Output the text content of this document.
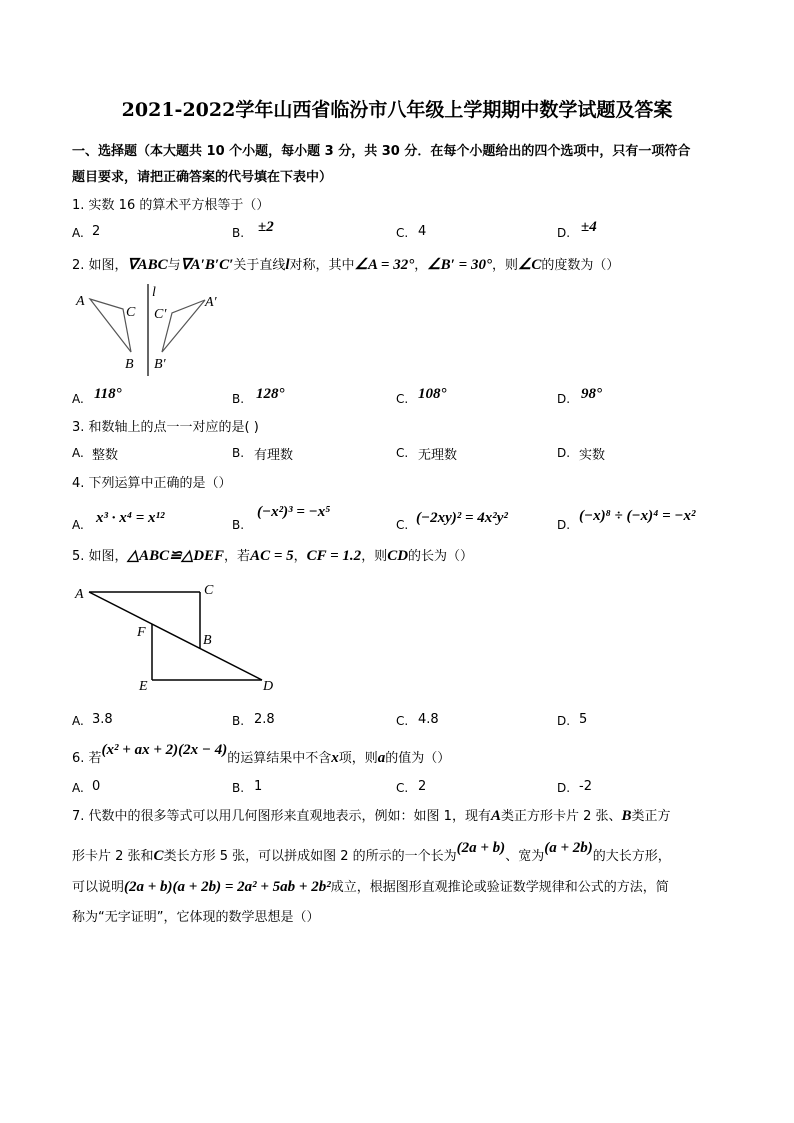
2021-2022学年山西省临汾市八年级上学期期中数学试题及答案
一、选择题（本大题共 10 个小题，每小题 3 分，共 30 分．在每个小题给出的四个选项中，只有一项符合
题目要求，请把正确答案的代号填在下表中）
1. 实数 16 的算术平方根等于（）
A. 2	B. ±2	C. 4	D. ±4
2. 如图，∇ABC与∇A′B′C′关于直线l对称，其中∠A = 32°，∠B′ = 30°，则∠C的度数为（）
l
A
C
B
C′
A′
B′
A	C
F
B
E	D
A. 118°	B. 128°	C. 108°	D. 98°
3. 和数轴上的点一一对应的是( )
A. 整数	B. 有理数	C. 无理数	D. 实数
4. 下列运算中正确的是（）
A. x³ · x⁴ = x¹²	B.
(−x²)³ = −x⁵
C. (−2xy)² = 4x²y²	D.
(−x)⁸ ÷ (−x)⁴ = −x²
5. 如图，△ABC≌△DEF，若AC = 5，CF = 1.2，则CD的长为（）
A. 3.8	B. 2.8	C. 4.8	D. 5
6. 若(x² + ax + 2)(2x − 4)的运算结果中不含x项，则a的值为（）
A. 0	B. 1	C. 2	D. -2
7. 代数中的很多等式可以用几何图形来直观地表示，例如：如图 1，现有A类正方形卡片 2 张、B类正方
形卡片 2 张和C类长方形 5 张，可以拼成如图 2 的所示的一个长为(2a + b)、宽为(a + 2b)的大长方形，
可以说明(2a + b)(a + 2b) = 2a² + 5ab + 2b²成立，根据图形直观推论或验证数学规律和公式的方法，简
称为“无字证明”，它体现的数学思想是（）
